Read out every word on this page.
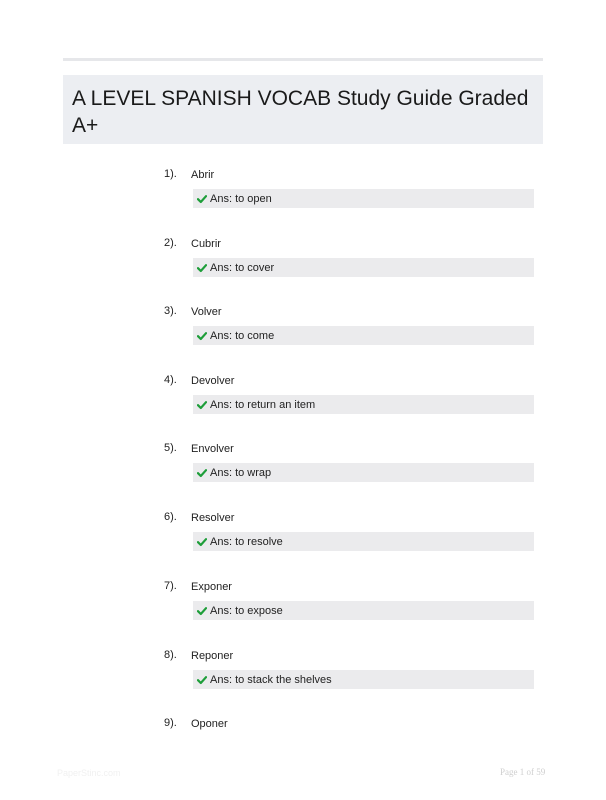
A LEVEL SPANISH VOCAB Study Guide Graded A+
1). Abrir
Ans: to open
2). Cubrir
Ans: to cover
3). Volver
Ans: to come
4). Devolver
Ans: to return an item
5). Envolver
Ans: to wrap
6). Resolver
Ans: to resolve
7). Exponer
Ans: to expose
8). Reponer
Ans: to stack the shelves
9). Oponer
PaperStinc.com	Page 1 of 59
